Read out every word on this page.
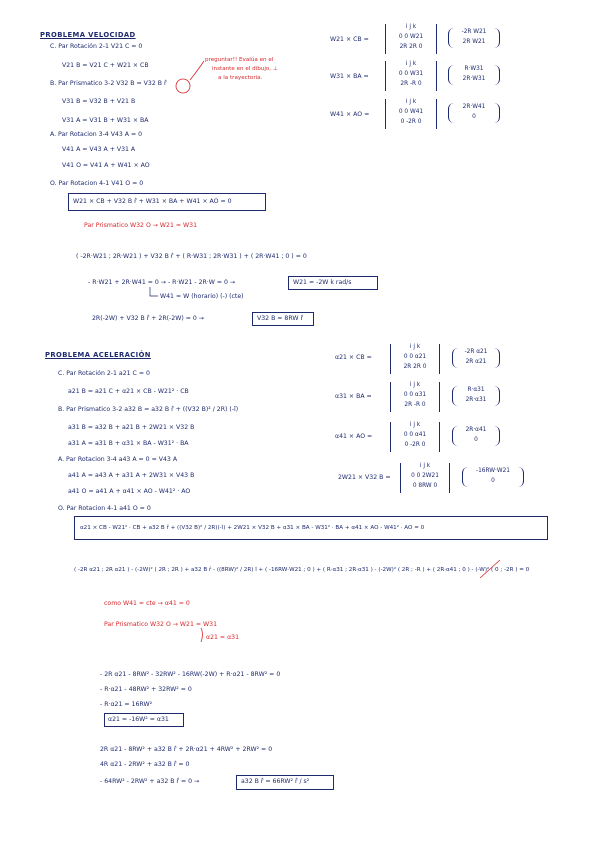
PROBLEMA VELOCIDAD
C. Par Rotación 2-1 V21 C = 0
V21 B = V21 C + W21 × CB
B. Par Prismatico 3-2 V32 B = V32 B r̂
V31 B = V32 B + V21 B
V31 A = V31 B + W31 × BA
A. Par Rotacion 3-4 V43 A = 0
V41 A = V43 A + V31 A
V41 O = V41 A + W41 × AO
O. Par Rotacion 4-1 V41 O = 0
preguntar!! Evalúa en el
instante en el dibujo, ⊥
a la trayectoria.
W21 × CB + V32 B r̂ + W31 × BA + W41 × AO = 0
Par Prismatico W32 O → W21 = W31
( -2R·W21 ; 2R·W21 ) + V32 B r̂ + ( R·W31 ; 2R·W31 ) + ( 2R·W41 ; 0 ) = 0
- R·W21 + 2R·W41 = 0 → - R·W21 - 2R·W = 0 →	W21 = -2W k rad/s
W41 = W (horario) (-) (cte)
2R(-2W) + V32 B r̂ + 2R(-2W) = 0 →	V32 B = 8RW r̂
W21 × CB =
i j k
0 0 W21
2R 2R 0
-2R W21
2R W21
W31 × BA =
i j k
0 0 W31
2R -R 0
R·W31
2R·W31
W41 × AO =
i j k
0 0 W41
0 -2R 0
2R·W41
0
PROBLEMA ACELERACIÓN
C. Par Rotación 2-1 a21 C = 0
a21 B = a21 C + α21 × CB - W21² · CB
B. Par Prismatico 3-2 a32 B = a32 B r̂ + ((V32 B)² / 2R) (-î)
a31 B = a32 B + a21 B + 2W21 × V32 B
a31 A = a31 B + α31 × BA - W31² · BA
A. Par Rotacion 3-4 a43 A = 0 = V43 A
a41 A = a43 A + a31 A + 2W31 × V43 B
a41 O = a41 A + α41 × AO - W41² · AO
O. Par Rotacion 4-1 a41 O = 0
α21 × CB =
i j k
0 0 α21
2R 2R 0
-2R α21
2R α21
α31 × BA =
i j k
0 0 α31
2R -R 0
R·α31
2R·α31
α41 × AO =
i j k
0 0 α41
0 -2R 0
2R·α41
0
2W21 × V32 B =
i j k
0 0 2W21
0 8RW 0
-16RW·W21
0
α21 × CB - W21² · CB + a32 B r̂ + ((V32 B)² / 2R)(-î) + 2W21 × V32 B + α31 × BA - W31² · BA + α41 × AO - W41² · AO = 0
( -2R α21 ; 2R α21 ) - (-2W)² ( 2R ; 2R ) + a32 B r̂ - ((8RW)² / 2R) î + ( -16RW·W21 ; 0 ) + ( R·α31 ; 2R·α31 ) - (-2W)² ( 2R ; -R ) + ( 2R·α41 ; 0 ) - (-W)² ( 0 ; -2R ) = 0
como W41 = cte → α41 = 0
Par Prismatico W32 O → W21 = W31
α21 = α31
- 2R α21 - 8RW² - 32RW² - 16RW(-2W) + R·α21 - 8RW² = 0
- R·α21 - 48RW² + 32RW² = 0
- R·α21 = 16RW²
α21 = -16W² = α31
2R α21 - 8RW² + a32 B r̂ + 2R·α21 + 4RW² + 2RW² = 0
4R α21 - 2RW² + a32 B r̂ = 0
- 64RW² - 2RW² + a32 B r̂ = 0 →	a32 B r̂ = 66RW² r̂ / s²
